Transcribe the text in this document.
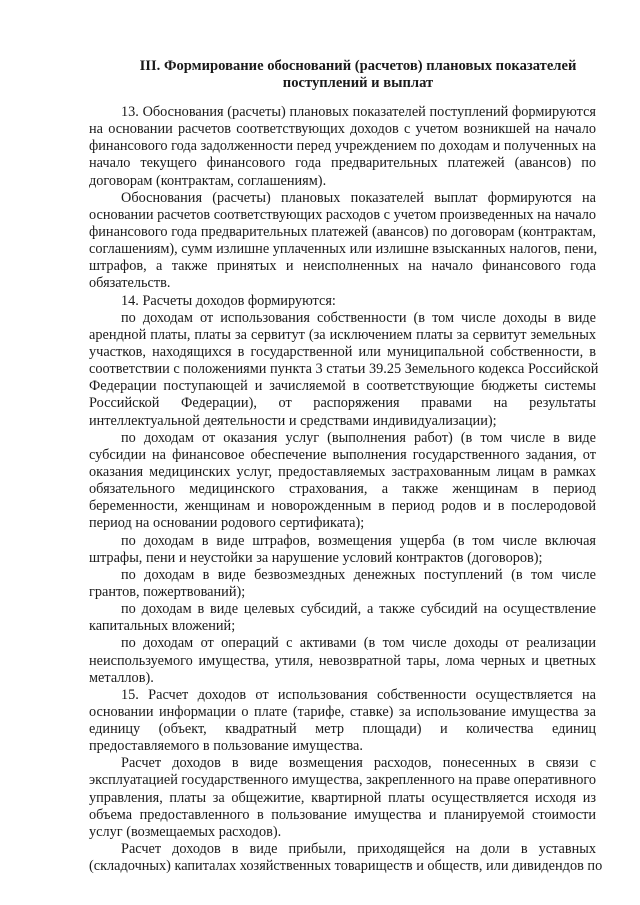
III. Формирование обоснований (расчетов) плановых показателей
поступлений и выплат
13. Обоснования (расчеты) плановых показателей поступлений формируются
на основании расчетов соответствующих доходов с учетом возникшей на начало
финансового года задолженности перед учреждением по доходам и полученных на
начало текущего финансового года предварительных платежей (авансов) по
договорам (контрактам, соглашениям).
Обоснования (расчеты) плановых показателей выплат формируются на
основании расчетов соответствующих расходов с учетом произведенных на начало
финансового года предварительных платежей (авансов) по договорам (контрактам,
соглашениям), сумм излишне уплаченных или излишне взысканных налогов, пени,
штрафов, а также принятых и неисполненных на начало финансового года
обязательств.
14. Расчеты доходов формируются:
по доходам от использования собственности (в том числе доходы в виде
арендной платы, платы за сервитут (за исключением платы за сервитут земельных
участков, находящихся в государственной или муниципальной собственности, в
соответствии с положениями пункта 3 статьи 39.25 Земельного кодекса Российской
Федерации поступающей и зачисляемой в соответствующие бюджеты системы
Российской Федерации), от распоряжения правами на результаты
интеллектуальной деятельности и средствами индивидуализации);
по доходам от оказания услуг (выполнения работ) (в том числе в виде
субсидии на финансовое обеспечение выполнения государственного задания, от
оказания медицинских услуг, предоставляемых застрахованным лицам в рамках
обязательного медицинского страхования, а также женщинам в период
беременности, женщинам и новорожденным в период родов и в послеродовой
период на основании родового сертификата);
по доходам в виде штрафов, возмещения ущерба (в том числе включая
штрафы, пени и неустойки за нарушение условий контрактов (договоров);
по доходам в виде безвозмездных денежных поступлений (в том числе
грантов, пожертвований);
по доходам в виде целевых субсидий, а также субсидий на осуществление
капитальных вложений;
по доходам от операций с активами (в том числе доходы от реализации
неиспользуемого имущества, утиля, невозвратной тары, лома черных и цветных
металлов).
15. Расчет доходов от использования собственности осуществляется на
основании информации о плате (тарифе, ставке) за использование имущества за
единицу (объект, квадратный метр площади) и количества единиц
предоставляемого в пользование имущества.
Расчет доходов в виде возмещения расходов, понесенных в связи с
эксплуатацией государственного имущества, закрепленного на праве оперативного
управления, платы за общежитие, квартирной платы осуществляется исходя из
объема предоставленного в пользование имущества и планируемой стоимости
услуг (возмещаемых расходов).
Расчет доходов в виде прибыли, приходящейся на доли в уставных
(складочных) капиталах хозяйственных товариществ и обществ, или дивидендов по
